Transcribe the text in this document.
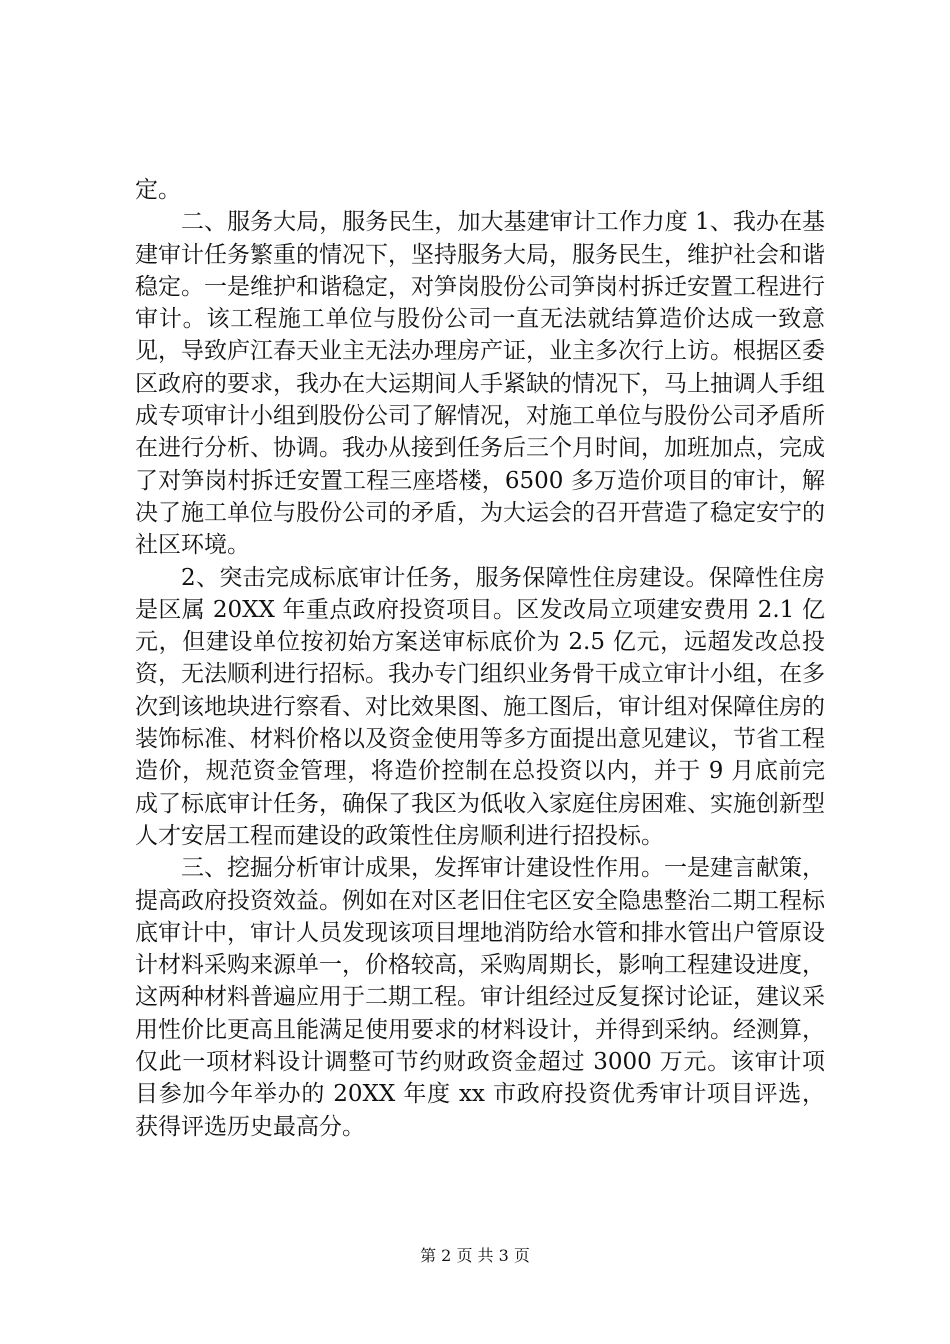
定。

二、服务大局，服务民生，加大基建审计工作力度 1、我办在基建审计任务繁重的情况下，坚持服务大局，服务民生，维护社会和谐稳定。一是维护和谐稳定，对笋岗股份公司笋岗村拆迁安置工程进行审计。该工程施工单位与股份公司一直无法就结算造价达成一致意见，导致庐江春天业主无法办理房产证，业主多次行上访。根据区委区政府的要求，我办在大运期间人手紧缺的情况下，马上抽调人手组成专项审计小组到股份公司了解情况，对施工单位与股份公司矛盾所在进行分析、协调。我办从接到任务后三个月时间，加班加点，完成了对笋岗村拆迁安置工程三座塔楼，6500 多万造价项目的审计，解决了施工单位与股份公司的矛盾，为大运会的召开营造了稳定安宁的社区环境。

2、突击完成标底审计任务，服务保障性住房建设。保障性住房是区属 20XX 年重点政府投资项目。区发改局立项建安费用 2.1 亿元，但建设单位按初始方案送审标底价为 2.5 亿元，远超发改总投资，无法顺利进行招标。我办专门组织业务骨干成立审计小组，在多次到该地块进行察看、对比效果图、施工图后，审计组对保障住房的装饰标准、材料价格以及资金使用等多方面提出意见建议，节省工程造价，规范资金管理，将造价控制在总投资以内，并于 9 月底前完成了标底审计任务，确保了我区为低收入家庭住房困难、实施创新型人才安居工程而建设的政策性住房顺利进行招投标。

三、挖掘分析审计成果，发挥审计建设性作用。一是建言献策，提高政府投资效益。例如在对区老旧住宅区安全隐患整治二期工程标底审计中，审计人员发现该项目埋地消防给水管和排水管出户管原设计材料采购来源单一，价格较高，采购周期长，影响工程建设进度，这两种材料普遍应用于二期工程。审计组经过反复探讨论证，建议采用性价比更高且能满足使用要求的材料设计，并得到采纳。经测算，仅此一项材料设计调整可节约财政资金超过 3000 万元。该审计项目参加今年举办的 20XX 年度 xx 市政府投资优秀审计项目评选，获得评选历史最高分。

第 2 页 共 3 页
